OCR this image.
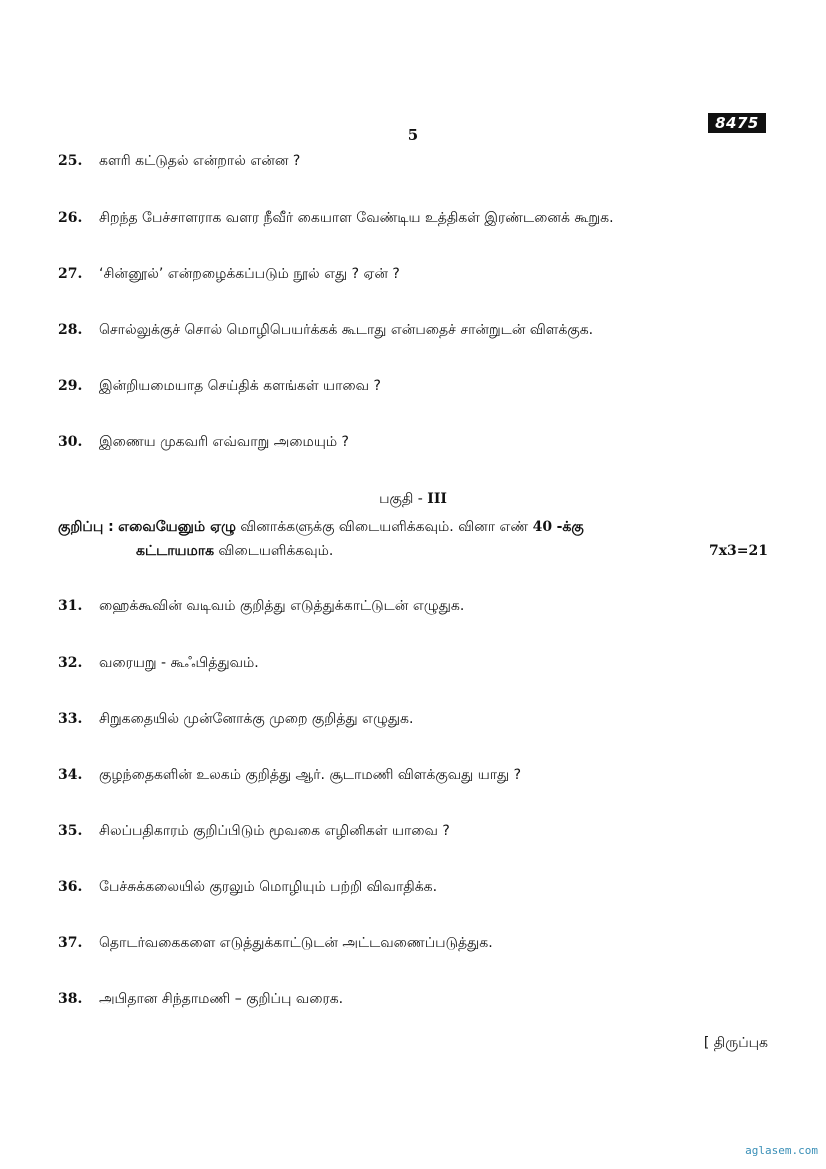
8475
5
25.	களரி கட்டுதல் என்றால் என்ன ?
26.	சிறந்த பேச்சாளராக வளர நீவீர் கையாள வேண்டிய உத்திகள் இரண்டனைக் கூறுக.
27.	‘சின்னூல்’ என்றழைக்கப்படும் நூல் எது ? ஏன் ?
28.	சொல்லுக்குச் சொல் மொழிபெயர்க்கக் கூடாது என்பதைச் சான்றுடன் விளக்குக.
29.	இன்றியமையாத செய்திக் களங்கள் யாவை ?
30.	இணைய முகவரி எவ்வாறு அமையும் ?
பகுதி - III
குறிப்பு : எவையேனும் ஏழு வினாக்களுக்கு விடையளிக்கவும். வினா எண் 40 -க்கு
கட்டாயமாக விடையளிக்கவும்.	7x3=21
31.	ஹைக்கூவின் வடிவம் குறித்து எடுத்துக்காட்டுடன் எழுதுக.
32.	வரையறு - கூஃபித்துவம்.
33.	சிறுகதையில் முன்னோக்கு முறை குறித்து எழுதுக.
34.	குழந்தைகளின் உலகம் குறித்து ஆர். சூடாமணி விளக்குவது யாது ?
35.	சிலப்பதிகாரம் குறிப்பிடும் மூவகை எழினிகள் யாவை ?
36.	பேச்சுக்கலையில் குரலும் மொழியும் பற்றி விவாதிக்க.
37.	தொடர்வகைகளை எடுத்துக்காட்டுடன் அட்டவணைப்படுத்துக.
38.	அபிதான சிந்தாமணி – குறிப்பு வரைக.
[ திருப்புக
aglasem.com
